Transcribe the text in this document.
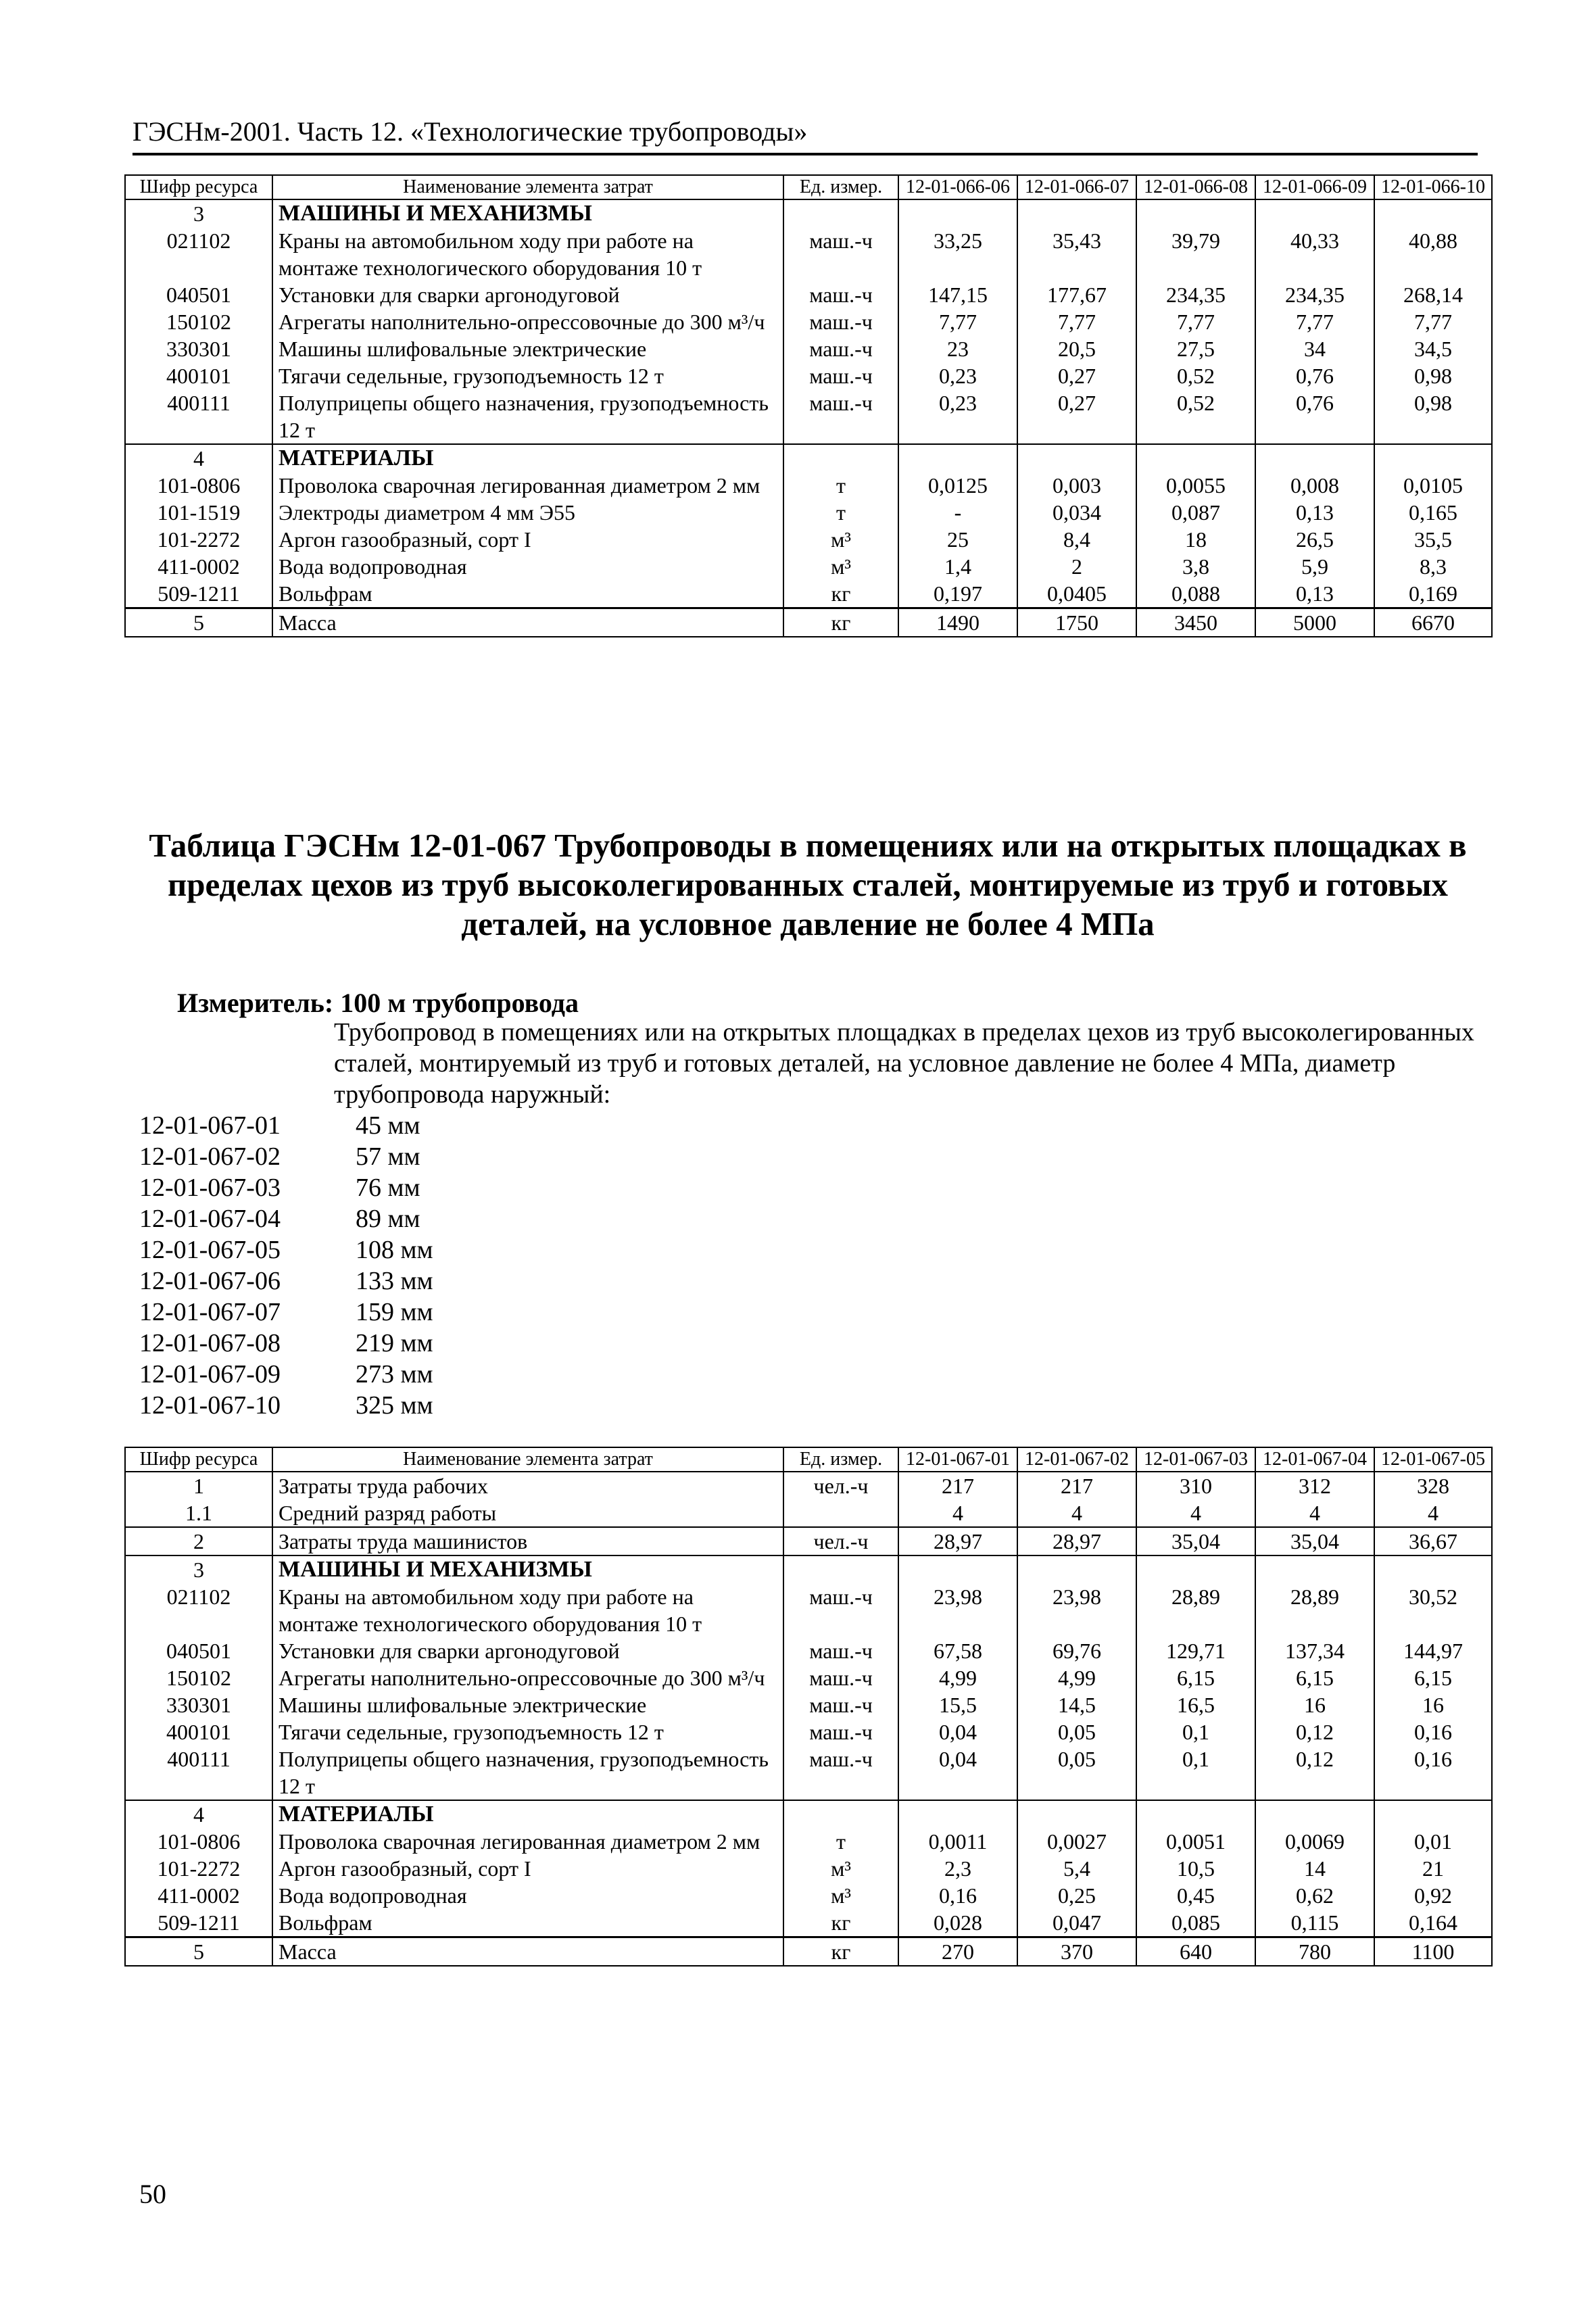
ГЭСНм-2001. Часть 12. «Технологические трубопроводы»
Шифр ресурса	Наименование элемента затрат	Ед. измер.	12-01-066-06	12-01-066-07	12-01-066-08	12-01-066-09	12-01-066-10
3	МАШИНЫ И МЕХАНИЗМЫ						
021102	Краны на автомобильном ходу при работе на монтаже технологического оборудования 10 т	маш.-ч	33,25	35,43	39,79	40,33	40,88
040501	Установки для сварки аргонодуговой	маш.-ч	147,15	177,67	234,35	234,35	268,14
150102	Агрегаты наполнительно-опрессовочные до 300 м³/ч	маш.-ч	7,77	7,77	7,77	7,77	7,77
330301	Машины шлифовальные электрические	маш.-ч	23	20,5	27,5	34	34,5
400101	Тягачи седельные, грузоподъемность 12 т	маш.-ч	0,23	0,27	0,52	0,76	0,98
400111	Полуприцепы общего назначения, грузоподъемность 12 т	маш.-ч	0,23	0,27	0,52	0,76	0,98
4	МАТЕРИАЛЫ						
101-0806	Проволока сварочная легированная диаметром 2 мм	т	0,0125	0,003	0,0055	0,008	0,0105
101-1519	Электроды диаметром 4 мм Э55	т	-	0,034	0,087	0,13	0,165
101-2272	Аргон газообразный, сорт I	м³	25	8,4	18	26,5	35,5
411-0002	Вода водопроводная	м³	1,4	2	3,8	5,9	8,3
509-1211	Вольфрам	кг	0,197	0,0405	0,088	0,13	0,169
5	Масса	кг	1490	1750	3450	5000	6670
Таблица ГЭСНм 12-01-067 Трубопроводы в помещениях или на открытых площадках в пределах цехов из труб высоколегированных сталей, монтируемые из труб и готовых деталей, на условное давление не более 4 МПа
Измеритель: 100 м трубопровода
Трубопровод в помещениях или на открытых площадках в пределах цехов из труб высоколегированных сталей, монтируемый из труб и готовых деталей, на условное давление не более 4 МПа, диаметр трубопровода наружный:
12-01-067-01	45 мм
12-01-067-02	57 мм
12-01-067-03	76 мм
12-01-067-04	89 мм
12-01-067-05	108 мм
12-01-067-06	133 мм
12-01-067-07	159 мм
12-01-067-08	219 мм
12-01-067-09	273 мм
12-01-067-10	325 мм
Шифр ресурса	Наименование элемента затрат	Ед. измер.	12-01-067-01	12-01-067-02	12-01-067-03	12-01-067-04	12-01-067-05
1	Затраты труда рабочих	чел.-ч	217	217	310	312	328
1.1	Средний разряд работы		4	4	4	4	4
2	Затраты труда машинистов	чел.-ч	28,97	28,97	35,04	35,04	36,67
3	МАШИНЫ И МЕХАНИЗМЫ						
021102	Краны на автомобильном ходу при работе на монтаже технологического оборудования 10 т	маш.-ч	23,98	23,98	28,89	28,89	30,52
040501	Установки для сварки аргонодуговой	маш.-ч	67,58	69,76	129,71	137,34	144,97
150102	Агрегаты наполнительно-опрессовочные до 300 м³/ч	маш.-ч	4,99	4,99	6,15	6,15	6,15
330301	Машины шлифовальные электрические	маш.-ч	15,5	14,5	16,5	16	16
400101	Тягачи седельные, грузоподъемность 12 т	маш.-ч	0,04	0,05	0,1	0,12	0,16
400111	Полуприцепы общего назначения, грузоподъемность 12 т	маш.-ч	0,04	0,05	0,1	0,12	0,16
4	МАТЕРИАЛЫ						
101-0806	Проволока сварочная легированная диаметром 2 мм	т	0,0011	0,0027	0,0051	0,0069	0,01
101-2272	Аргон газообразный, сорт I	м³	2,3	5,4	10,5	14	21
411-0002	Вода водопроводная	м³	0,16	0,25	0,45	0,62	0,92
509-1211	Вольфрам	кг	0,028	0,047	0,085	0,115	0,164
5	Масса	кг	270	370	640	780	1100
50
